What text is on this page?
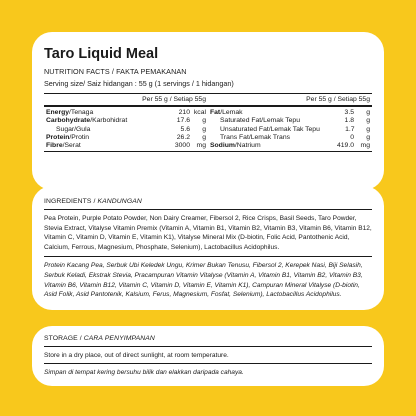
Taro Liquid Meal
NUTRITION FACTS / FAKTA PEMAKANAN
Serving size/ Saiz hidangan : 55 g (1 servings / 1 hidangan)
Per 55 g / Setiap 55g
Energy/Tenaga	210 kcal
Carbohydrate/Karbohidrat	17.6	g
Sugar/Gula	5.6	g
Protein/Protin	26.2	g
Fibre/Serat	3000 mg
Per 55 g / Setiap 55g
Fat/Lemak	3.5	g
Saturated Fat/Lemak Tepu	1.8	g
Unsaturated Fat/Lemak Tak Tepu	1.7	g
Trans Fat/Lemak Trans	0	g
Sodium/Natrium	419.0 mg
INGREDIENTS / KANDUNGAN
Pea Protein, Purple Potato Powder, Non Dairy Creamer, Fibersol 2, Rice Crisps, Basil Seeds, Taro Powder, Stevia Extract, Vitalyse Vitamin Premix (Vitamin A, Vitamin B1, Vitamin B2, Vitamin B3, Vitamin B6, Vitamin B12, Vitamin C, Vitamin D, Vitamin E, Vitamin K1), Vitalyse Mineral Mix (D-biotin, Folic Acid, Pantothenic Acid, Calcium, Ferrous, Magnesium, Phosphate, Selenium), Lactobacillus Acidophilus.
Protein Kacang Pea, Serbuk Ubi Keledek Ungu, Krimer Bukan Tenusu, Fibersol 2, Kerepek Nasi, Biji Selasih, Serbuk Keladi, Ekstrak Stevia, Pracampuran Vitamin Vitalyse (Vitamin A, Vitamin B1, Vitamin B2, Vitamin B3, Vitamin B6, Vitamin B12, Vitamin C, Vitamin D, Vitamin E, Vitamin K1), Campuran Mineral Vitalyse (D-biotin, Asid Folik, Asid Pantotenik, Kalsium, Ferus, Magnesium, Fosfat, Selenium), Lactobacillus Acidophilus.
STORAGE / CARA PENYIMPANAN
Store in a dry place, out of direct sunlight, at room temperature.
Simpan di tempat kering bersuhu bilik dan elakkan daripada cahaya.
